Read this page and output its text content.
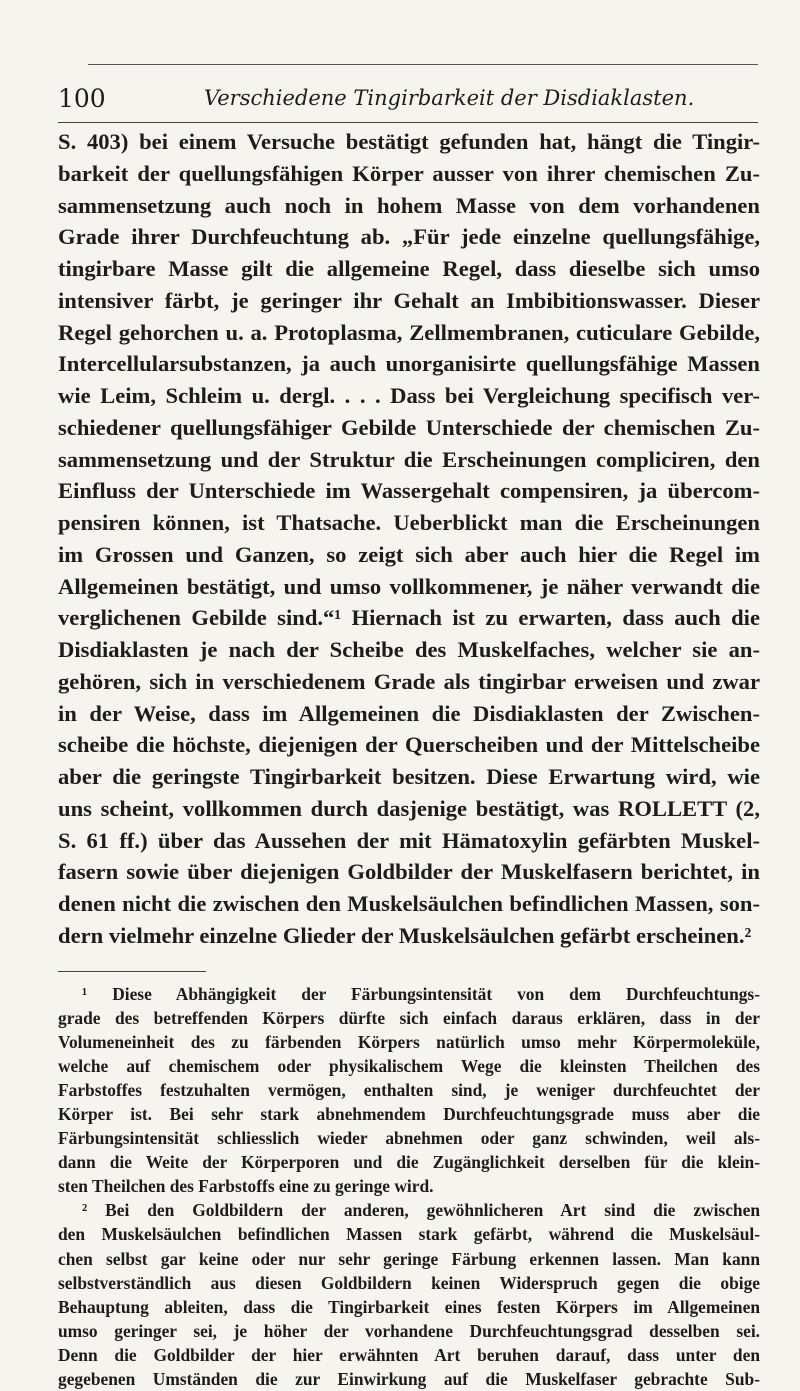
100	Verschiedene Tingirbarkeit der Disdiaklasten.
S. 403) bei einem Versuche bestätigt gefunden hat, hängt die Tingir-
barkeit der quellungsfähigen Körper ausser von ihrer chemischen Zu-
sammensetzung auch noch in hohem Masse von dem vorhandenen
Grade ihrer Durchfeuchtung ab. „Für jede einzelne quellungsfähige,
tingirbare Masse gilt die allgemeine Regel, dass dieselbe sich umso
intensiver färbt, je geringer ihr Gehalt an Imbibitionswasser. Dieser
Regel gehorchen u. a. Protoplasma, Zellmembranen, cuticulare Gebilde,
Intercellularsubstanzen, ja auch unorganisirte quellungsfähige Massen
wie Leim, Schleim u. dergl. . . . Dass bei Vergleichung specifisch ver-
schiedener quellungsfähiger Gebilde Unterschiede der chemischen Zu-
sammensetzung und der Struktur die Erscheinungen compliciren, den
Einfluss der Unterschiede im Wassergehalt compensiren, ja übercom-
pensiren können, ist Thatsache. Ueberblickt man die Erscheinungen
im Grossen und Ganzen, so zeigt sich aber auch hier die Regel im
Allgemeinen bestätigt, und umso vollkommener, je näher verwandt die
verglichenen Gebilde sind.“¹ Hiernach ist zu erwarten, dass auch die
Disdiaklasten je nach der Scheibe des Muskelfaches, welcher sie an-
gehören, sich in verschiedenem Grade als tingirbar erweisen und zwar
in der Weise, dass im Allgemeinen die Disdiaklasten der Zwischen-
scheibe die höchste, diejenigen der Querscheiben und der Mittelscheibe
aber die geringste Tingirbarkeit besitzen. Diese Erwartung wird, wie
uns scheint, vollkommen durch dasjenige bestätigt, was ROLLETT (2,
S. 61 ff.) über das Aussehen der mit Hämatoxylin gefärbten Muskel-
fasern sowie über diejenigen Goldbilder der Muskelfasern berichtet, in
denen nicht die zwischen den Muskelsäulchen befindlichen Massen, son-
dern vielmehr einzelne Glieder der Muskelsäulchen gefärbt erscheinen.²
¹ Diese Abhängigkeit der Färbungsintensität von dem Durchfeuchtungs-
grade des betreffenden Körpers dürfte sich einfach daraus erklären, dass in der
Volumeneinheit des zu färbenden Körpers natürlich umso mehr Körpermoleküle,
welche auf chemischem oder physikalischem Wege die kleinsten Theilchen des
Farbstoffes festzuhalten vermögen, enthalten sind, je weniger durchfeuchtet der
Körper ist. Bei sehr stark abnehmendem Durchfeuchtungsgrade muss aber die
Färbungsintensität schliesslich wieder abnehmen oder ganz schwinden, weil als-
dann die Weite der Körperporen und die Zugänglichkeit derselben für die klein-
sten Theilchen des Farbstoffs eine zu geringe wird.
² Bei den Goldbildern der anderen, gewöhnlicheren Art sind die zwischen
den Muskelsäulchen befindlichen Massen stark gefärbt, während die Muskelsäul-
chen selbst gar keine oder nur sehr geringe Färbung erkennen lassen. Man kann
selbstverständlich aus diesen Goldbildern keinen Widerspruch gegen die obige
Behauptung ableiten, dass die Tingirbarkeit eines festen Körpers im Allgemeinen
umso geringer sei, je höher der vorhandene Durchfeuchtungsgrad desselben sei.
Denn die Goldbilder der hier erwähnten Art beruhen darauf, dass unter den
gegebenen Umständen die zur Einwirkung auf die Muskelfaser gebrachte Sub-
